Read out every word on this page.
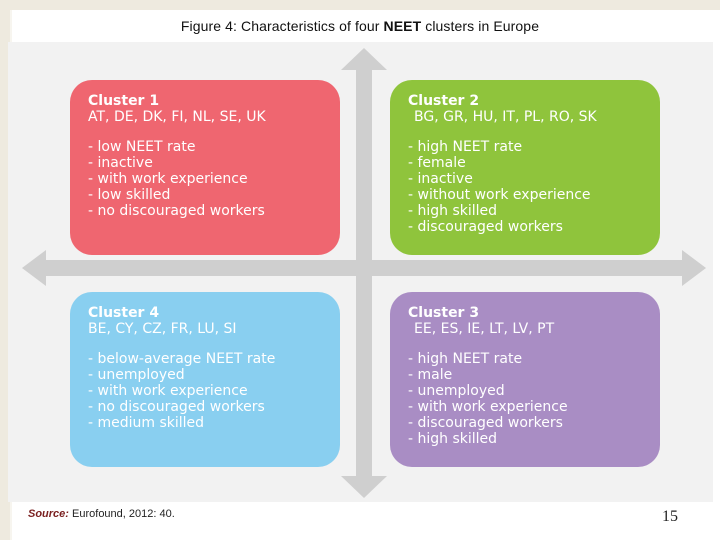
Figure 4: Characteristics of four NEET clusters in Europe
Cluster 1
AT, DE, DK, FI, NL, SE, UK
- low NEET rate
- inactive
- with work experience
- low skilled
- no discouraged workers
Cluster 2
BG, GR, HU, IT, PL, RO, SK
- high NEET rate
- female
- inactive
- without work experience
- high skilled
- discouraged workers
Cluster 4
BE, CY, CZ, FR, LU, SI
- below-average NEET rate
- unemployed
- with work experience
- no discouraged workers
- medium skilled
Cluster 3
EE, ES, IE, LT, LV, PT
- high NEET rate
- male
- unemployed
- with work experience
- discouraged workers
- high skilled
Source: Eurofound, 2012: 40.	15
